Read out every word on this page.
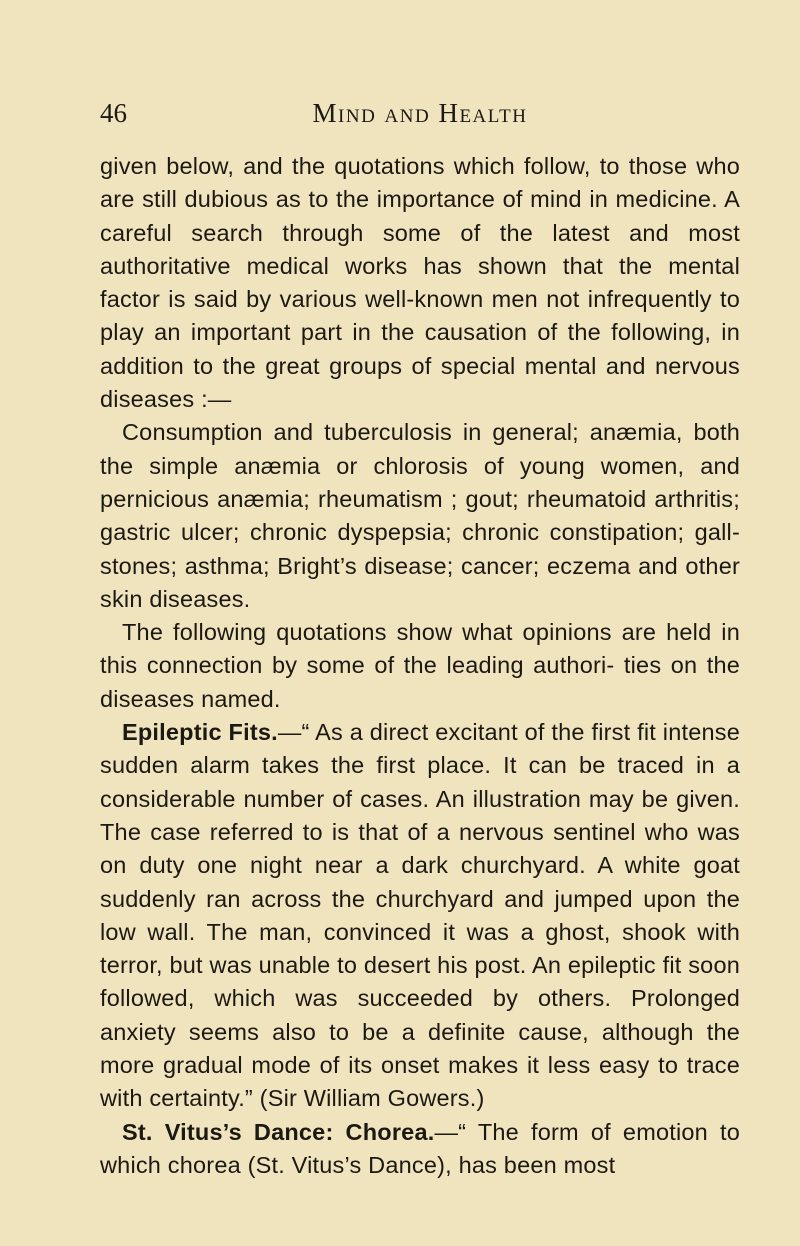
46	Mind and Health

given below, and the quotations which follow, to those who are still dubious as to the importance of mind in medicine. A careful search through some of the latest and most authoritative medical works has shown that the mental factor is said by various well-known men not infrequently to play an important part in the causation of the following, in addition to the great groups of special mental and nervous diseases :—

Consumption and tuberculosis in general; anæmia, both the simple anæmia or chlorosis of young women, and pernicious anæmia; rheumatism ; gout; rheumatoid arthritis; gastric ulcer; chronic dyspepsia; chronic constipation; gall-stones; asthma; Bright’s disease; cancer; eczema and other skin diseases.

The following quotations show what opinions are held in this connection by some of the leading authori- ties on the diseases named.

Epileptic Fits.—“ As a direct excitant of the first fit intense sudden alarm takes the first place. It can be traced in a considerable number of cases. An illustration may be given. The case referred to is that of a nervous sentinel who was on duty one night near a dark churchyard. A white goat suddenly ran across the churchyard and jumped upon the low wall. The man, convinced it was a ghost, shook with terror, but was unable to desert his post. An epileptic fit soon followed, which was succeeded by others. Prolonged anxiety seems also to be a definite cause, although the more gradual mode of its onset makes it less easy to trace with certainty.” (Sir William Gowers.)

St. Vitus’s Dance: Chorea.—“ The form of emotion to which chorea (St. Vitus’s Dance), has been most
